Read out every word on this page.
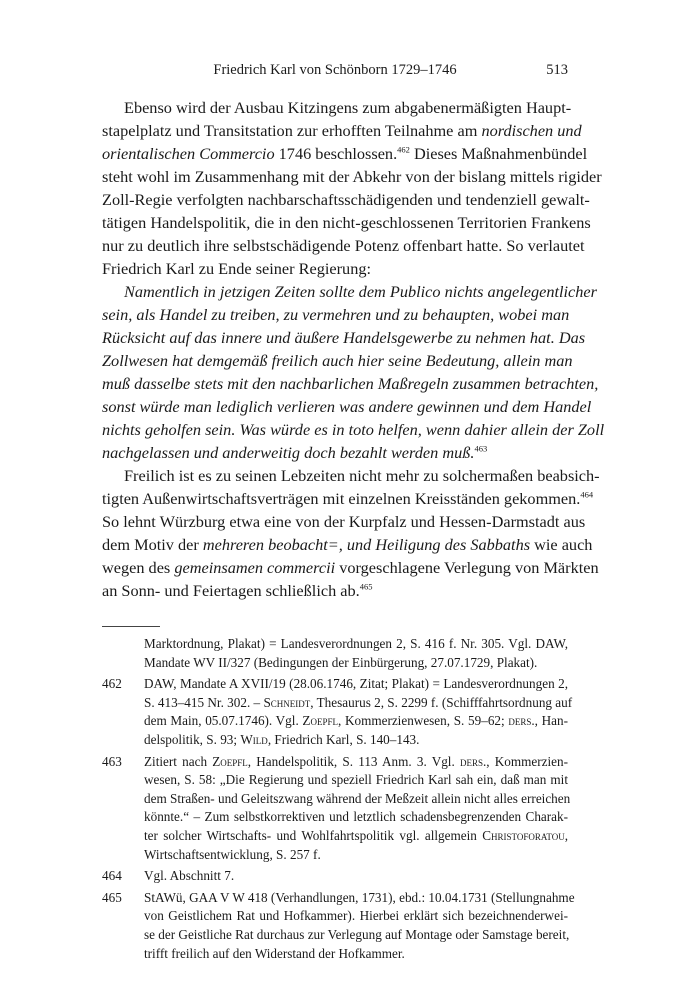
Friedrich Karl von Schönborn 1729–1746	513

Ebenso wird der Ausbau Kitzingens zum abgabenermäßigten Haupt-
stapelplatz und Transitstation zur erhofften Teilnahme am nordischen und
orientalischen Commercio 1746 beschlossen.$^{462}$ Dieses Maßnahmenbündel
steht wohl im Zusammenhang mit der Abkehr von der bislang mittels rigider
Zoll-Regie verfolgten nachbarschaftsschädigenden und tendenziell gewalt-
tätigen Handelspolitik, die in den nicht-geschlossenen Territorien Frankens
nur zu deutlich ihre selbstschädigende Potenz offenbart hatte. So verlautet
Friedrich Karl zu Ende seiner Regierung:

Namentlich in jetzigen Zeiten sollte dem Publico nichts angelegentlicher
sein, als Handel zu treiben, zu vermehren und zu behaupten, wobei man
Rücksicht auf das innere und äußere Handelsgewerbe zu nehmen hat. Das
Zollwesen hat demgemäß freilich auch hier seine Bedeutung, allein man
muß dasselbe stets mit den nachbarlichen Maßregeln zusammen betrachten,
sonst würde man lediglich verlieren was andere gewinnen und dem Handel
nichts geholfen sein. Was würde es in toto helfen, wenn dahier allein der Zoll
nachgelassen und anderweitig doch bezahlt werden muß.$^{463}$

Freilich ist es zu seinen Lebzeiten nicht mehr zu solchermaßen beabsich-
tigten Außenwirtschaftsverträgen mit einzelnen Kreisständen gekommen.$^{464}$
So lehnt Würzburg etwa eine von der Kurpfalz und Hessen-Darmstadt aus
dem Motiv der mehreren beobacht=, und Heiligung des Sabbaths wie auch
wegen des gemeinsamen commercii vorgeschlagene Verlegung von Märkten
an Sonn- und Feiertagen schließlich ab.$^{465}$

Marktordnung, Plakat) = Landesverordnungen 2, S. 416 f. Nr. 305. Vgl. DAW,
Mandate WV II/327 (Bedingungen der Einbürgerung, 27.07.1729, Plakat).
462	DAW, Mandate A XVII/19 (28.06.1746, Zitat; Plakat) = Landesverordnungen 2,
S. 413–415 Nr. 302. – Schneidt, Thesaurus 2, S. 2299 f. (Schifffahrtsordnung auf
dem Main, 05.07.1746). Vgl. Zoepfl, Kommerzienwesen, S. 59–62; ders., Han-
delspolitik, S. 93; Wild, Friedrich Karl, S. 140–143.
463	Zitiert nach Zoepfl, Handelspolitik, S. 113 Anm. 3. Vgl. ders., Kommerzien-
wesen, S. 58: „Die Regierung und speziell Friedrich Karl sah ein, daß man mit
dem Straßen- und Geleitszwang während der Meßzeit allein nicht alles erreichen
könnte.“ – Zum selbstkorrektiven und letztlich schadensbegrenzenden Charak-
ter solcher Wirtschafts- und Wohlfahrtspolitik vgl. allgemein Christoforatou,
Wirtschaftsentwicklung, S. 257 f.
464	Vgl. Abschnitt 7.
465	StAWü, GAA V W 418 (Verhandlungen, 1731), ebd.: 10.04.1731 (Stellungnahme
von Geistlichem Rat und Hofkammer). Hierbei erklärt sich bezeichnenderwei-
se der Geistliche Rat durchaus zur Verlegung auf Montage oder Samstage bereit,
trifft freilich auf den Widerstand der Hofkammer.
